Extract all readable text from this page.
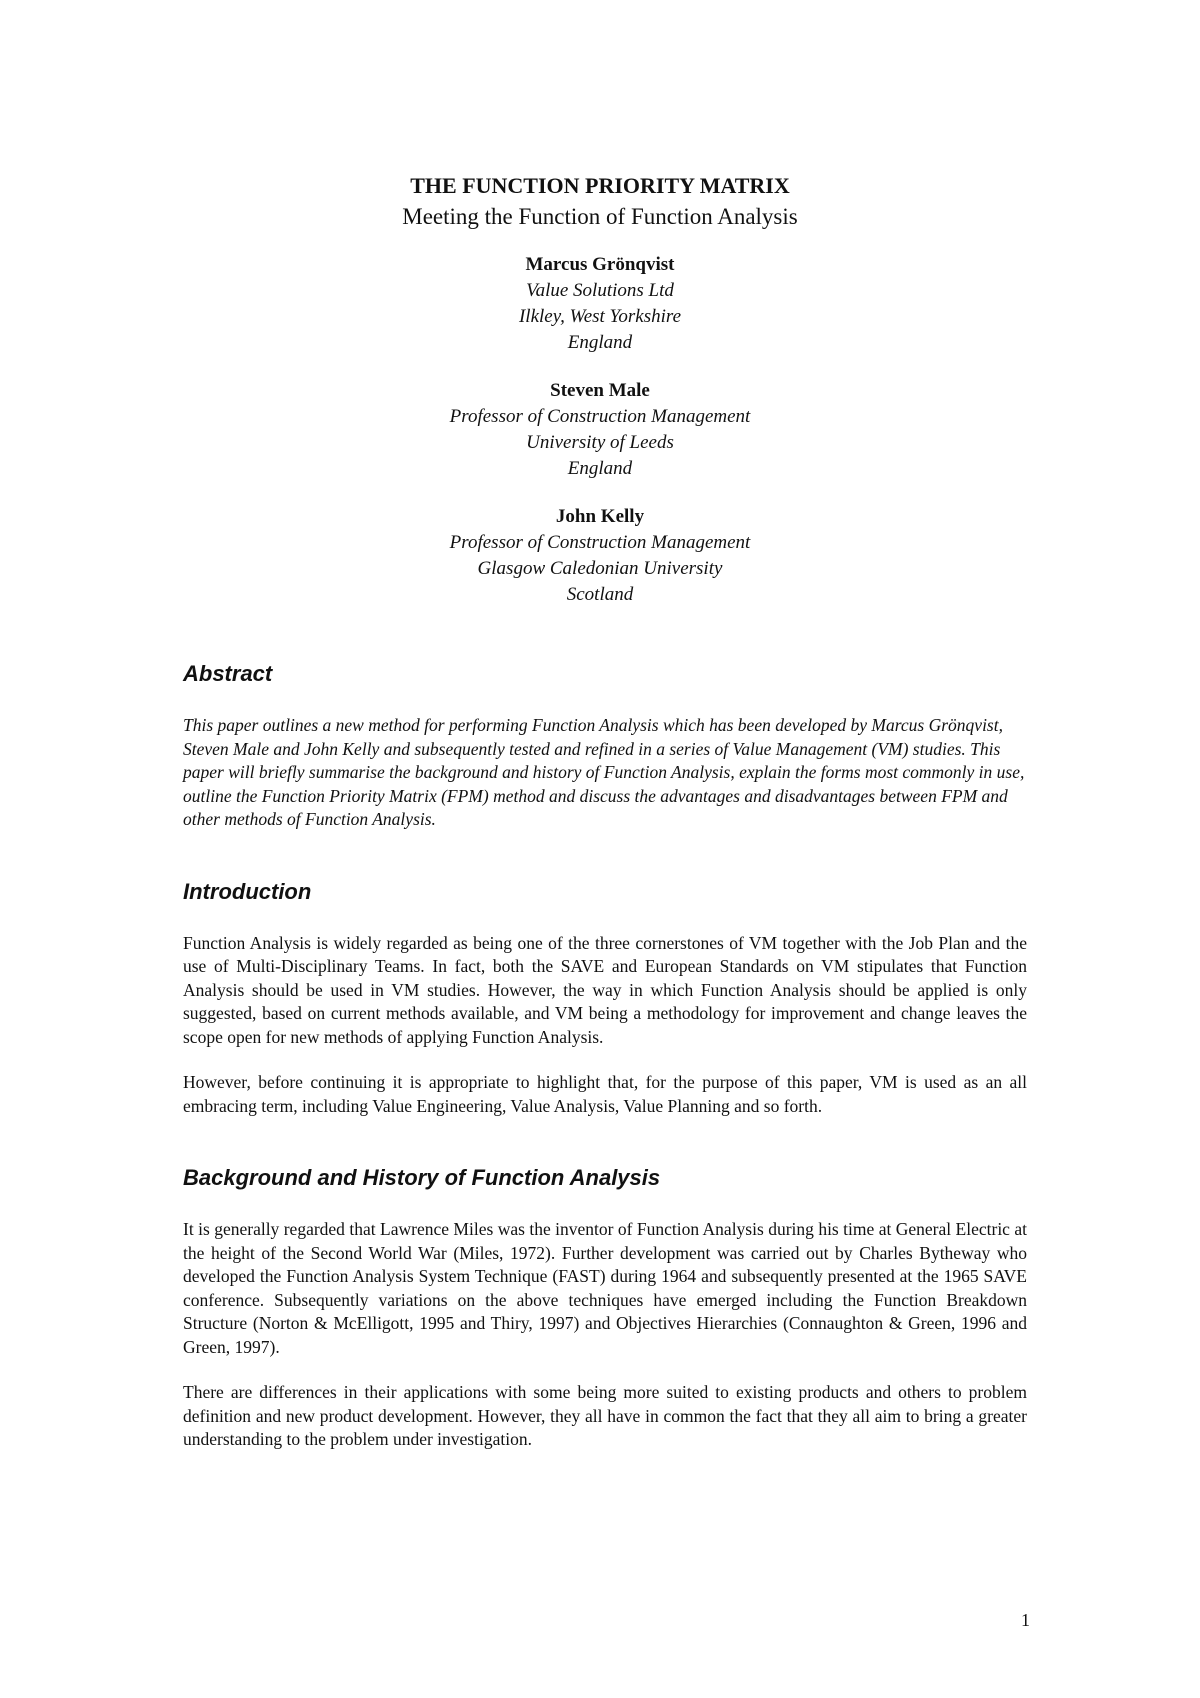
THE FUNCTION PRIORITY MATRIX

Meeting the Function of Function Analysis

Marcus Grönqvist
Value Solutions Ltd
Ilkley, West Yorkshire
England
Steven Male
Professor of Construction Management
University of Leeds
England
John Kelly
Professor of Construction Management
Glasgow Caledonian University
Scotland
Abstract

This paper outlines a new method for performing Function Analysis which has been developed by Marcus Grönqvist, Steven Male and John Kelly and subsequently tested and refined in a series of Value Management (VM) studies. This paper will briefly summarise the background and history of Function Analysis, explain the forms most commonly in use, outline the Function Priority Matrix (FPM) method and discuss the advantages and disadvantages between FPM and other methods of Function Analysis.

Introduction

Function Analysis is widely regarded as being one of the three cornerstones of VM together with the Job Plan and the use of Multi-Disciplinary Teams. In fact, both the SAVE and European Standards on VM stipulates that Function Analysis should be used in VM studies. However, the way in which Function Analysis should be applied is only suggested, based on current methods available, and VM being a methodology for improvement and change leaves the scope open for new methods of applying Function Analysis.

However, before continuing it is appropriate to highlight that, for the purpose of this paper, VM is used as an all embracing term, including Value Engineering, Value Analysis, Value Planning and so forth.

Background and History of Function Analysis

It is generally regarded that Lawrence Miles was the inventor of Function Analysis during his time at General Electric at the height of the Second World War (Miles, 1972). Further development was carried out by Charles Bytheway who developed the Function Analysis System Technique (FAST) during 1964 and subsequently presented at the 1965 SAVE conference. Subsequently variations on the above techniques have emerged including the Function Breakdown Structure (Norton & McElligott, 1995 and Thiry, 1997) and Objectives Hierarchies (Connaughton & Green, 1996 and Green, 1997).

There are differences in their applications with some being more suited to existing products and others to problem definition and new product development. However, they all have in common the fact that they all aim to bring a greater understanding to the problem under investigation.

1
